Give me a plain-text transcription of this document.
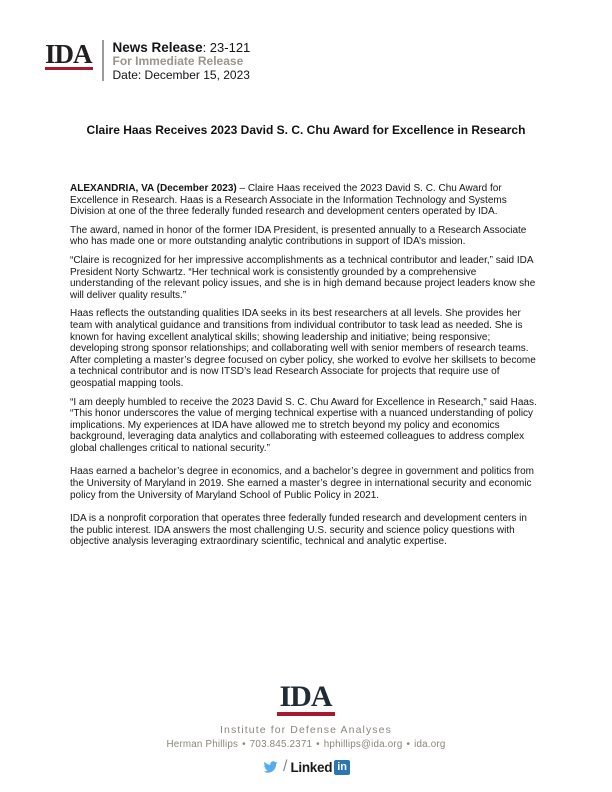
IDA News Release: 23-121
For Immediate Release
Date: December 15, 2023
Claire Haas Receives 2023 David S. C. Chu Award for Excellence in Research

ALEXANDRIA, VA (December 2023) – Claire Haas received the 2023 David S. C. Chu Award for Excellence in Research. Haas is a Research Associate in the Information Technology and Systems Division at one of the three federally funded research and development centers operated by IDA.

The award, named in honor of the former IDA President, is presented annually to a Research Associate who has made one or more outstanding analytic contributions in support of IDA’s mission.

“Claire is recognized for her impressive accomplishments as a technical contributor and leader,” said IDA President Norty Schwartz. “Her technical work is consistently grounded by a comprehensive understanding of the relevant policy issues, and she is in high demand because project leaders know she will deliver quality results.”

Haas reflects the outstanding qualities IDA seeks in its best researchers at all levels. She provides her team with analytical guidance and transitions from individual contributor to task lead as needed. She is known for having excellent analytical skills; showing leadership and initiative; being responsive; developing strong sponsor relationships; and collaborating well with senior members of research teams. After completing a master’s degree focused on cyber policy, she worked to evolve her skillsets to become a technical contributor and is now ITSD’s lead Research Associate for projects that require use of geospatial mapping tools.

“I am deeply humbled to receive the 2023 David S. C. Chu Award for Excellence in Research,” said Haas. “This honor underscores the value of merging technical expertise with a nuanced understanding of policy implications. My experiences at IDA have allowed me to stretch beyond my policy and economics background, leveraging data analytics and collaborating with esteemed colleagues to address complex global challenges critical to national security.”

Haas earned a bachelor’s degree in economics, and a bachelor’s degree in government and politics from the University of Maryland in 2019. She earned a master’s degree in international security and economic policy from the University of Maryland School of Public Policy in 2021.

IDA is a nonprofit corporation that operates three federally funded research and development centers in the public interest. IDA answers the most challenging U.S. security and science policy questions with objective analysis leveraging extraordinary scientific, technical and analytic expertise.

IDA
Institute for Defense Analyses
Herman Phillips • 703.845.2371 • hphillips@ida.org • ida.org
/ Linked in
